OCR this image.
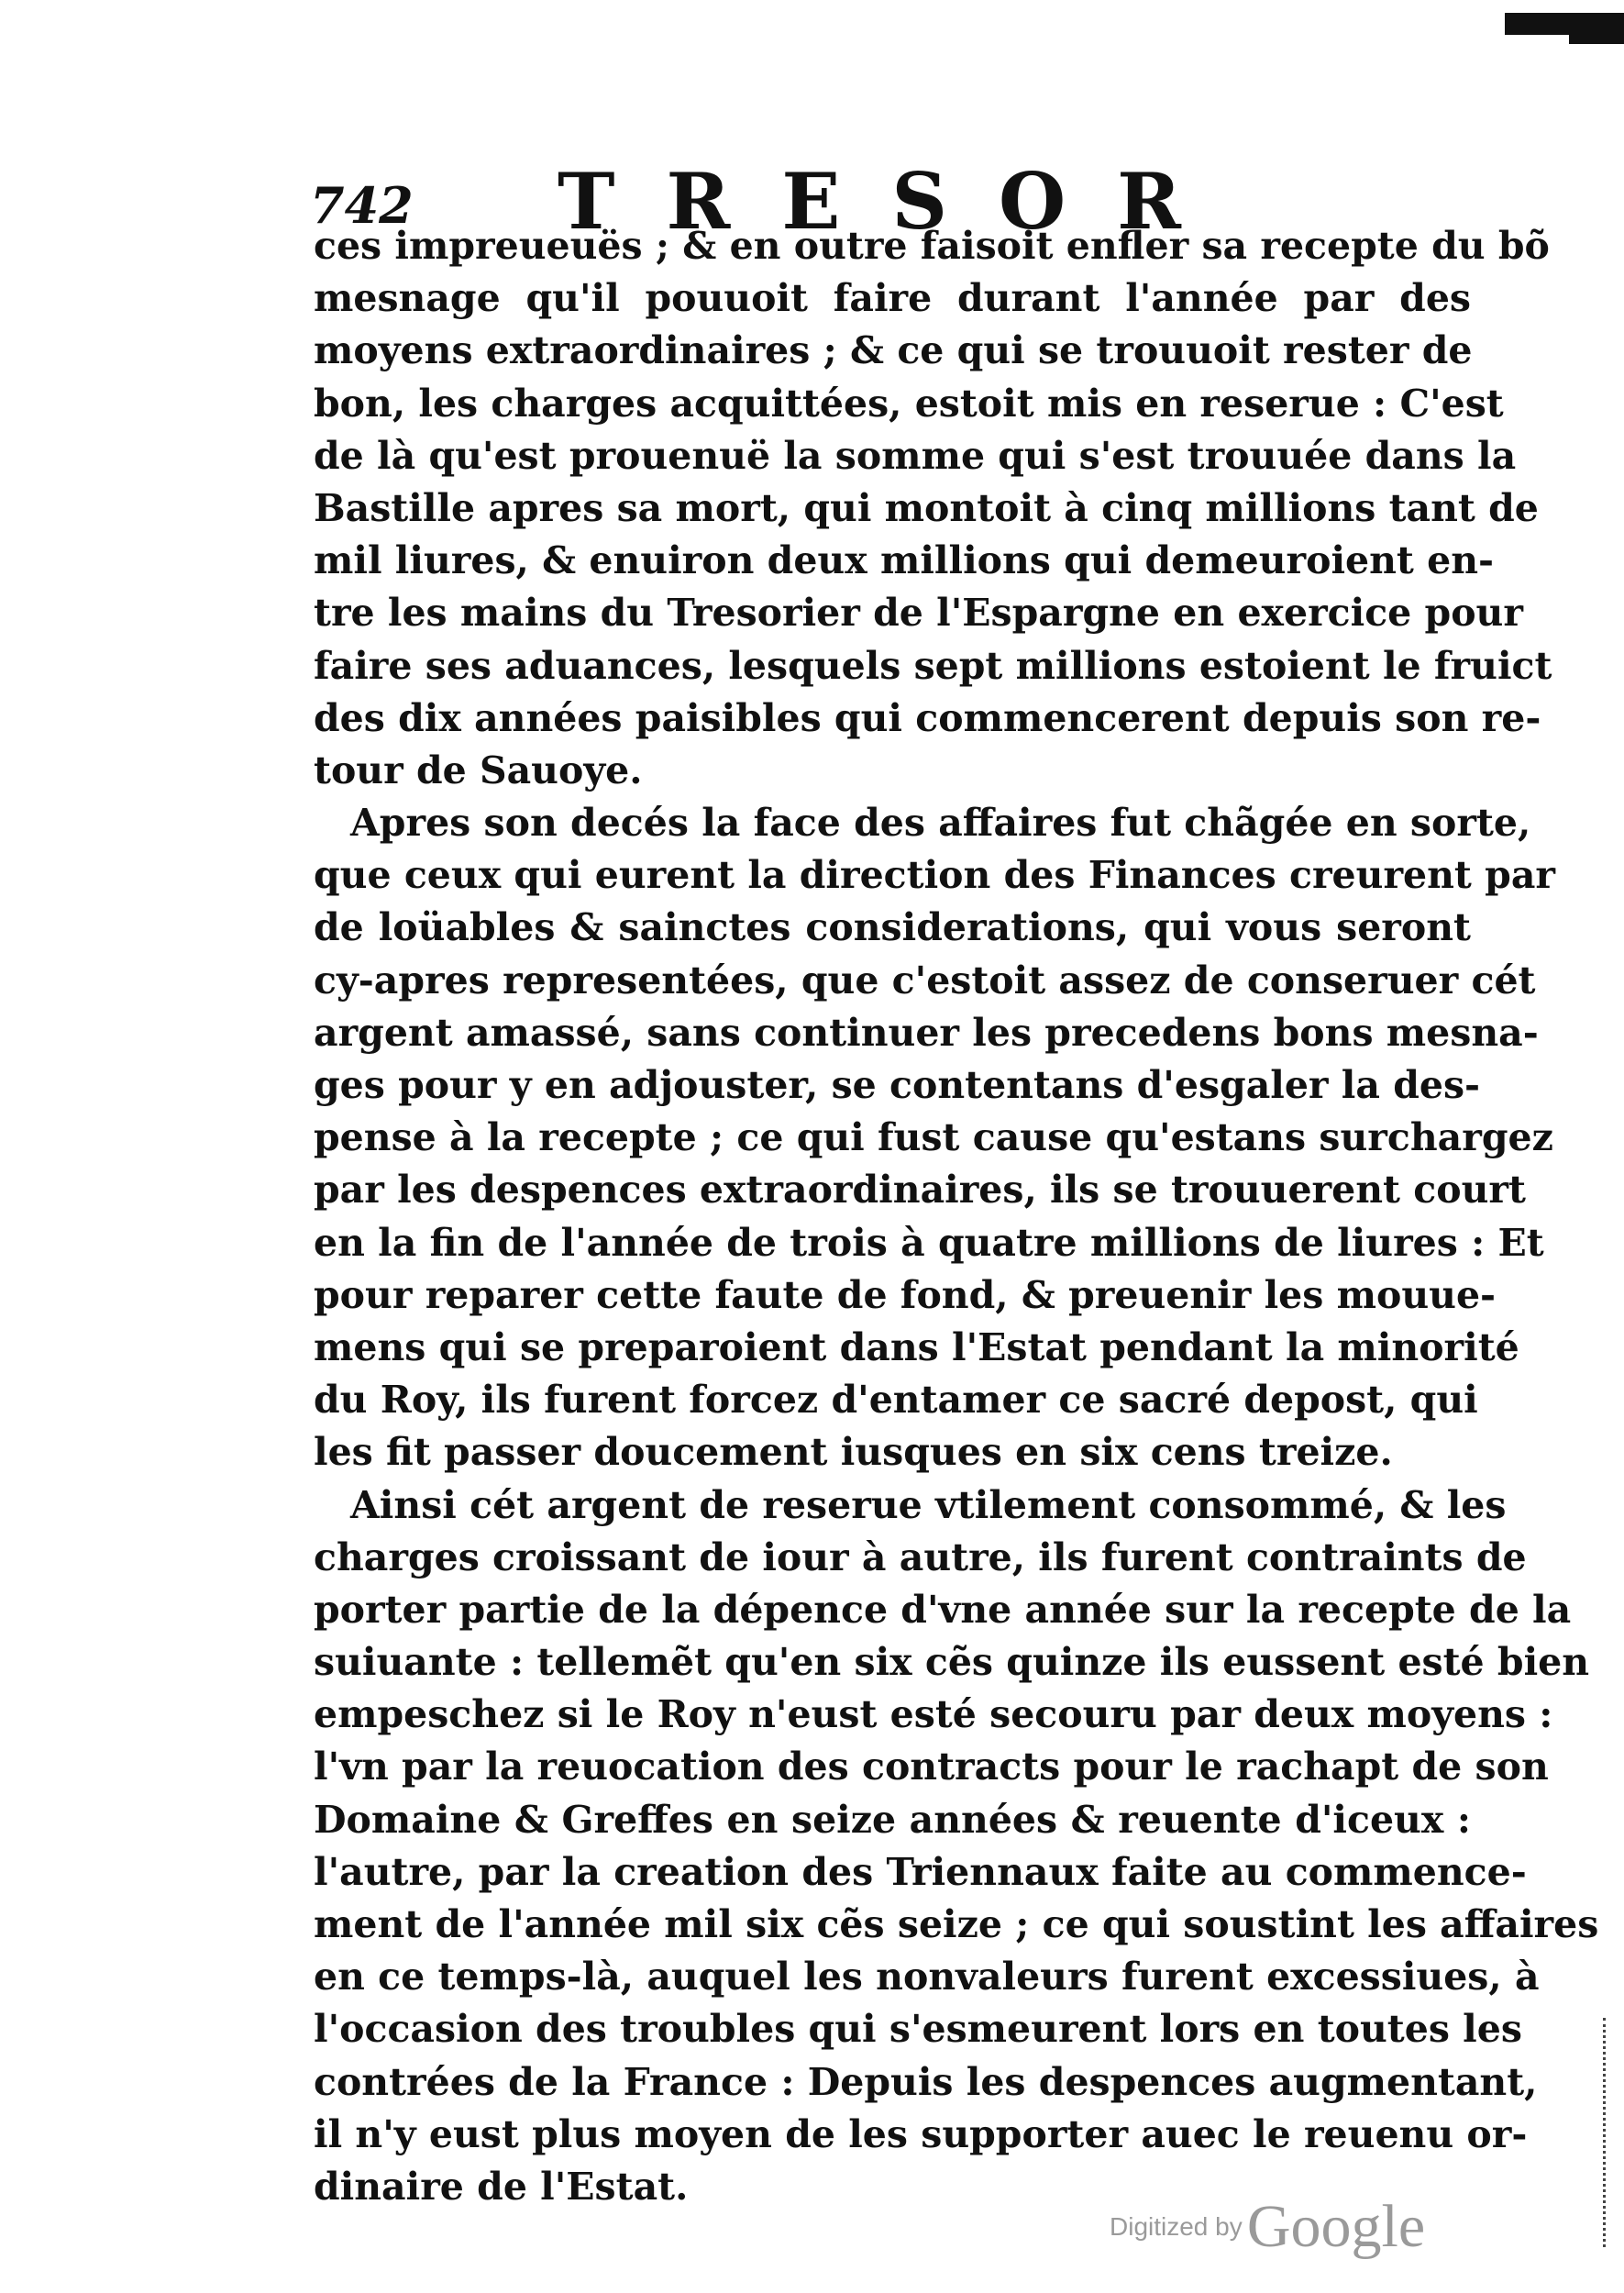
742 TRESOR
ces impreueuës ; & en outre faisoit enfler sa recepte du bõ
mesnage qu'il pouuoit faire durant l'année par des
moyens extraordinaires ; & ce qui se trouuoit rester de
bon, les charges acquittées, estoit mis en reserue : C'est
de là qu'est prouenuë la somme qui s'est trouuée dans la
Bastille apres sa mort, qui montoit à cinq millions tant de
mil liures, & enuiron deux millions qui demeuroient en-
tre les mains du Tresorier de l'Espargne en exercice pour
faire ses aduances, lesquels sept millions estoient le fruict
des dix années paisibles qui commencerent depuis son re-
tour de Sauoye.
Apres son decés la face des affaires fut chãgée en sorte,
que ceux qui eurent la direction des Finances creurent par
de loüables & sainctes considerations, qui vous seront
cy-apres representées, que c'estoit assez de conseruer cét
argent amassé, sans continuer les precedens bons mesna-
ges pour y en adjouster, se contentans d'esgaler la des-
pense à la recepte ; ce qui fust cause qu'estans surchargez
par les despences extraordinaires, ils se trouuerent court
en la fin de l'année de trois à quatre millions de liures : Et
pour reparer cette faute de fond, & preuenir les mouue-
mens qui se preparoient dans l'Estat pendant la minorité
du Roy, ils furent forcez d'entamer ce sacré depost, qui
les fit passer doucement iusques en six cens treize.
Ainsi cét argent de reserue vtilement consommé, & les
charges croissant de iour à autre, ils furent contraints de
porter partie de la dépence d'vne année sur la recepte de la
suiuante : tellemẽt qu'en six cẽs quinze ils eussent esté bien
empeschez si le Roy n'eust esté secouru par deux moyens :
l'vn par la reuocation des contracts pour le rachapt de son
Domaine & Greffes en seize années & reuente d'iceux :
l'autre, par la creation des Triennaux faite au commence-
ment de l'année mil six cẽs seize ; ce qui soustint les affaires
en ce temps-là, auquel les nonvaleurs furent excessiues, à
l'occasion des troubles qui s'esmeurent lors en toutes les
contrées de la France : Depuis les despences augmentant,
il n'y eust plus moyen de les supporter auec le reuenu or-
dinaire de l'Estat.
Digitized by Google
